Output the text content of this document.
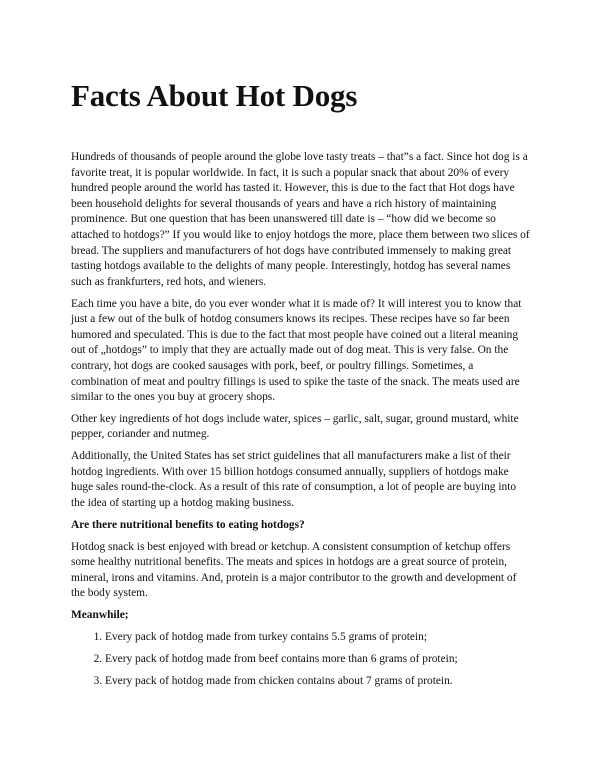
Facts About Hot Dogs

Hundreds of thousands of people around the globe love tasty treats – that”s a fact. Since hot dog is a favorite treat, it is popular worldwide. In fact, it is such a popular snack that about 20% of every hundred people around the world has tasted it. However, this is due to the fact that Hot dogs have been household delights for several thousands of years and have a rich history of maintaining prominence. But one question that has been unanswered till date is – “how did we become so attached to hotdogs?” If you would like to enjoy hotdogs the more, place them between two slices of bread. The suppliers and manufacturers of hot dogs have contributed immensely to making great tasting hotdogs available to the delights of many people. Interestingly, hotdog has several names such as frankfurters, red hots, and wieners.

Each time you have a bite, do you ever wonder what it is made of? It will interest you to know that just a few out of the bulk of hotdog consumers knows its recipes. These recipes have so far been humored and speculated. This is due to the fact that most people have coined out a literal meaning out of „hotdogs” to imply that they are actually made out of dog meat. This is very false. On the contrary, hot dogs are cooked sausages with pork, beef, or poultry fillings. Sometimes, a combination of meat and poultry fillings is used to spike the taste of the snack. The meats used are similar to the ones you buy at grocery shops.

Other key ingredients of hot dogs include water, spices – garlic, salt, sugar, ground mustard, white pepper, coriander and nutmeg.

Additionally, the United States has set strict guidelines that all manufacturers make a list of their hotdog ingredients. With over 15 billion hotdogs consumed annually, suppliers of hotdogs make huge sales round-the-clock. As a result of this rate of consumption, a lot of people are buying into the idea of starting up a hotdog making business.

Are there nutritional benefits to eating hotdogs?

Hotdog snack is best enjoyed with bread or ketchup. A consistent consumption of ketchup offers some healthy nutritional benefits. The meats and spices in hotdogs are a great source of protein, mineral, irons and vitamins. And, protein is a major contributor to the growth and development of the body system.

Meanwhile;
1. Every pack of hotdog made from turkey contains 5.5 grams of protein;
2. Every pack of hotdog made from beef contains more than 6 grams of protein;
3. Every pack of hotdog made from chicken contains about 7 grams of protein.
